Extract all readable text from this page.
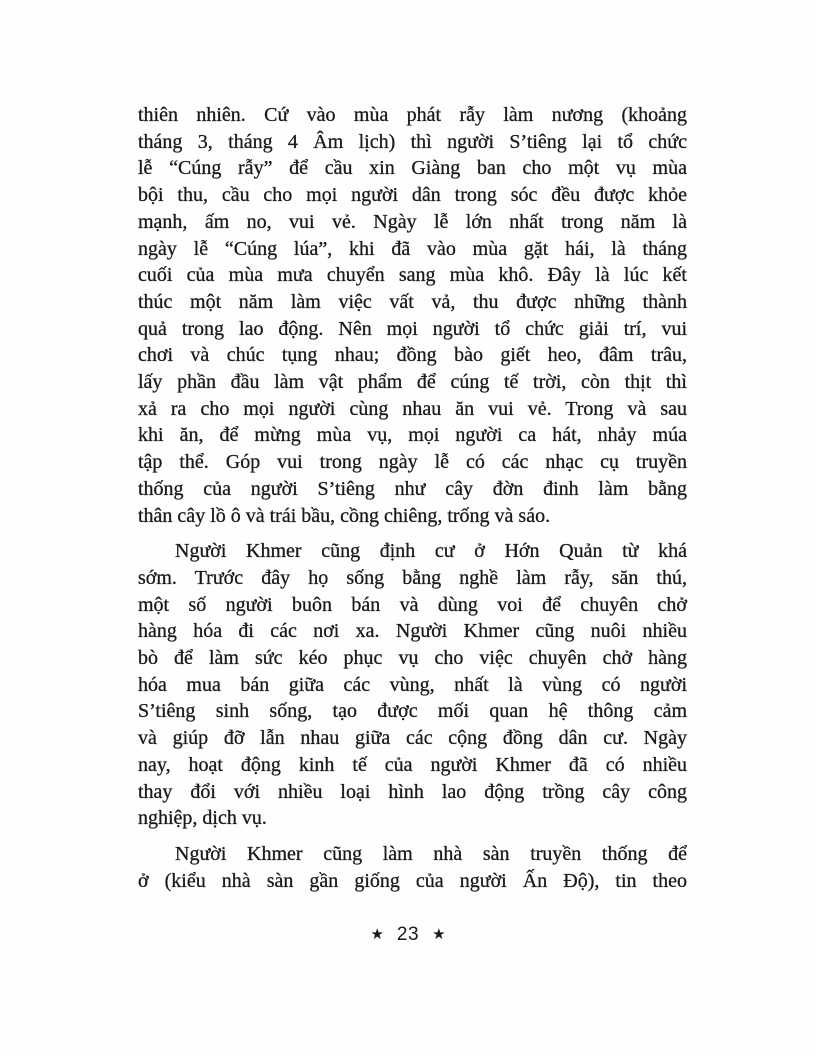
thiên nhiên. Cứ vào mùa phát rẫy làm nương (khoảng
tháng 3, tháng 4 Âm lịch) thì người S’tiêng lại tổ chức
lễ “Cúng rẫy” để cầu xin Giàng ban cho một vụ mùa
bội thu, cầu cho mọi người dân trong sóc đều được khỏe
mạnh, ấm no, vui vẻ. Ngày lễ lớn nhất trong năm là
ngày lễ “Cúng lúa”, khi đã vào mùa gặt hái, là tháng
cuối của mùa mưa chuyển sang mùa khô. Đây là lúc kết
thúc một năm làm việc vất vả, thu được những thành
quả trong lao động. Nên mọi người tổ chức giải trí, vui
chơi và chúc tụng nhau; đồng bào giết heo, đâm trâu,
lấy phần đầu làm vật phẩm để cúng tế trời, còn thịt thì
xả ra cho mọi người cùng nhau ăn vui vẻ. Trong và sau
khi ăn, để mừng mùa vụ, mọi người ca hát, nhảy múa
tập thể. Góp vui trong ngày lễ có các nhạc cụ truyền
thống của người S’tiêng như cây đờn đinh làm bằng
thân cây lồ ô và trái bầu, cồng chiêng, trống và sáo.

Người Khmer cũng định cư ở Hớn Quản từ khá
sớm. Trước đây họ sống bằng nghề làm rẫy, săn thú,
một số người buôn bán và dùng voi để chuyên chở
hàng hóa đi các nơi xa. Người Khmer cũng nuôi nhiều
bò để làm sức kéo phục vụ cho việc chuyên chở hàng
hóa mua bán giữa các vùng, nhất là vùng có người
S’tiêng sinh sống, tạo được mối quan hệ thông cảm
và giúp đỡ lẫn nhau giữa các cộng đồng dân cư. Ngày
nay, hoạt động kinh tế của người Khmer đã có nhiều
thay đổi với nhiều loại hình lao động trồng cây công
nghiệp, dịch vụ.

Người Khmer cũng làm nhà sàn truyền thống để
ở (kiểu nhà sàn gần giống của người Ấn Độ), tin theo

★ 23 ★
